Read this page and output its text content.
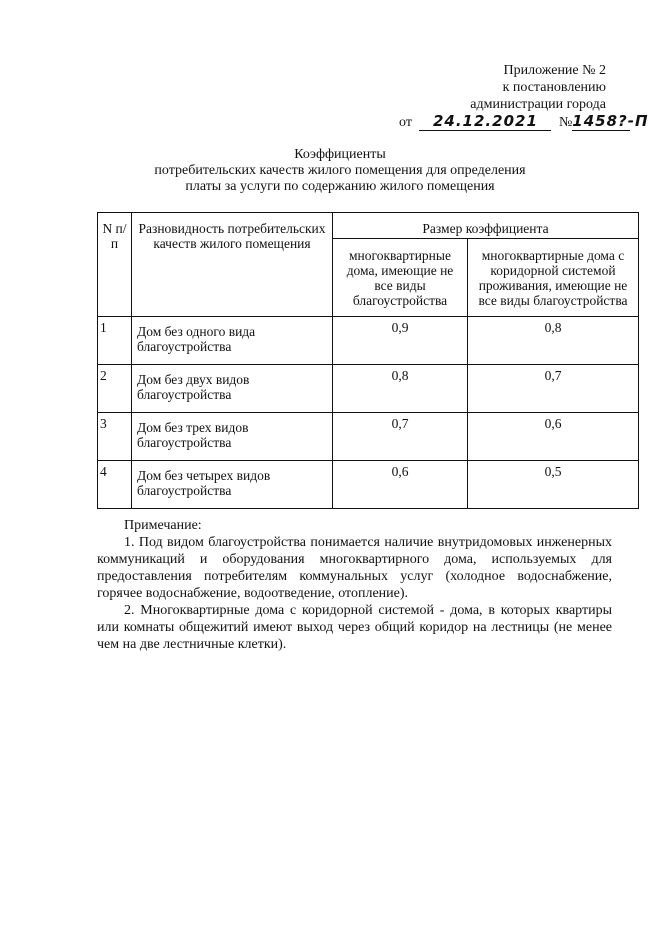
Приложение № 2
к постановлению
администрации города
от 24.12.2021 №1458?-П
Коэффициенты
потребительских качеств жилого помещения для определения
платы за услуги по содержанию жилого помещения
N п/п	Разновидность потребительских качеств жилого помещения	Размер коэффициента	
		многоквартирные дома, имеющие не все виды благоустройства	многоквартирные дома с коридорной системой проживания, имеющие не все виды благоустройства
1	Дом без одного вида благоустройства	0,9	0,8
2	Дом без двух видов благоустройства	0,8	0,7
3	Дом без трех видов благоустройства	0,7	0,6
4	Дом без четырех видов благоустройства	0,6	0,5

Примечание:

1. Под видом благоустройства понимается наличие внутридомовых инженерных коммуникаций и оборудования многоквартирного дома, используемых для предоставления потребителям коммунальных услуг (холодное водоснабжение, горячее водоснабжение, водоотведение, отопление).

2. Многоквартирные дома с коридорной системой - дома, в которых квартиры или комнаты общежитий имеют выход через общий коридор на лестницы (не менее чем на две лестничные клетки).
